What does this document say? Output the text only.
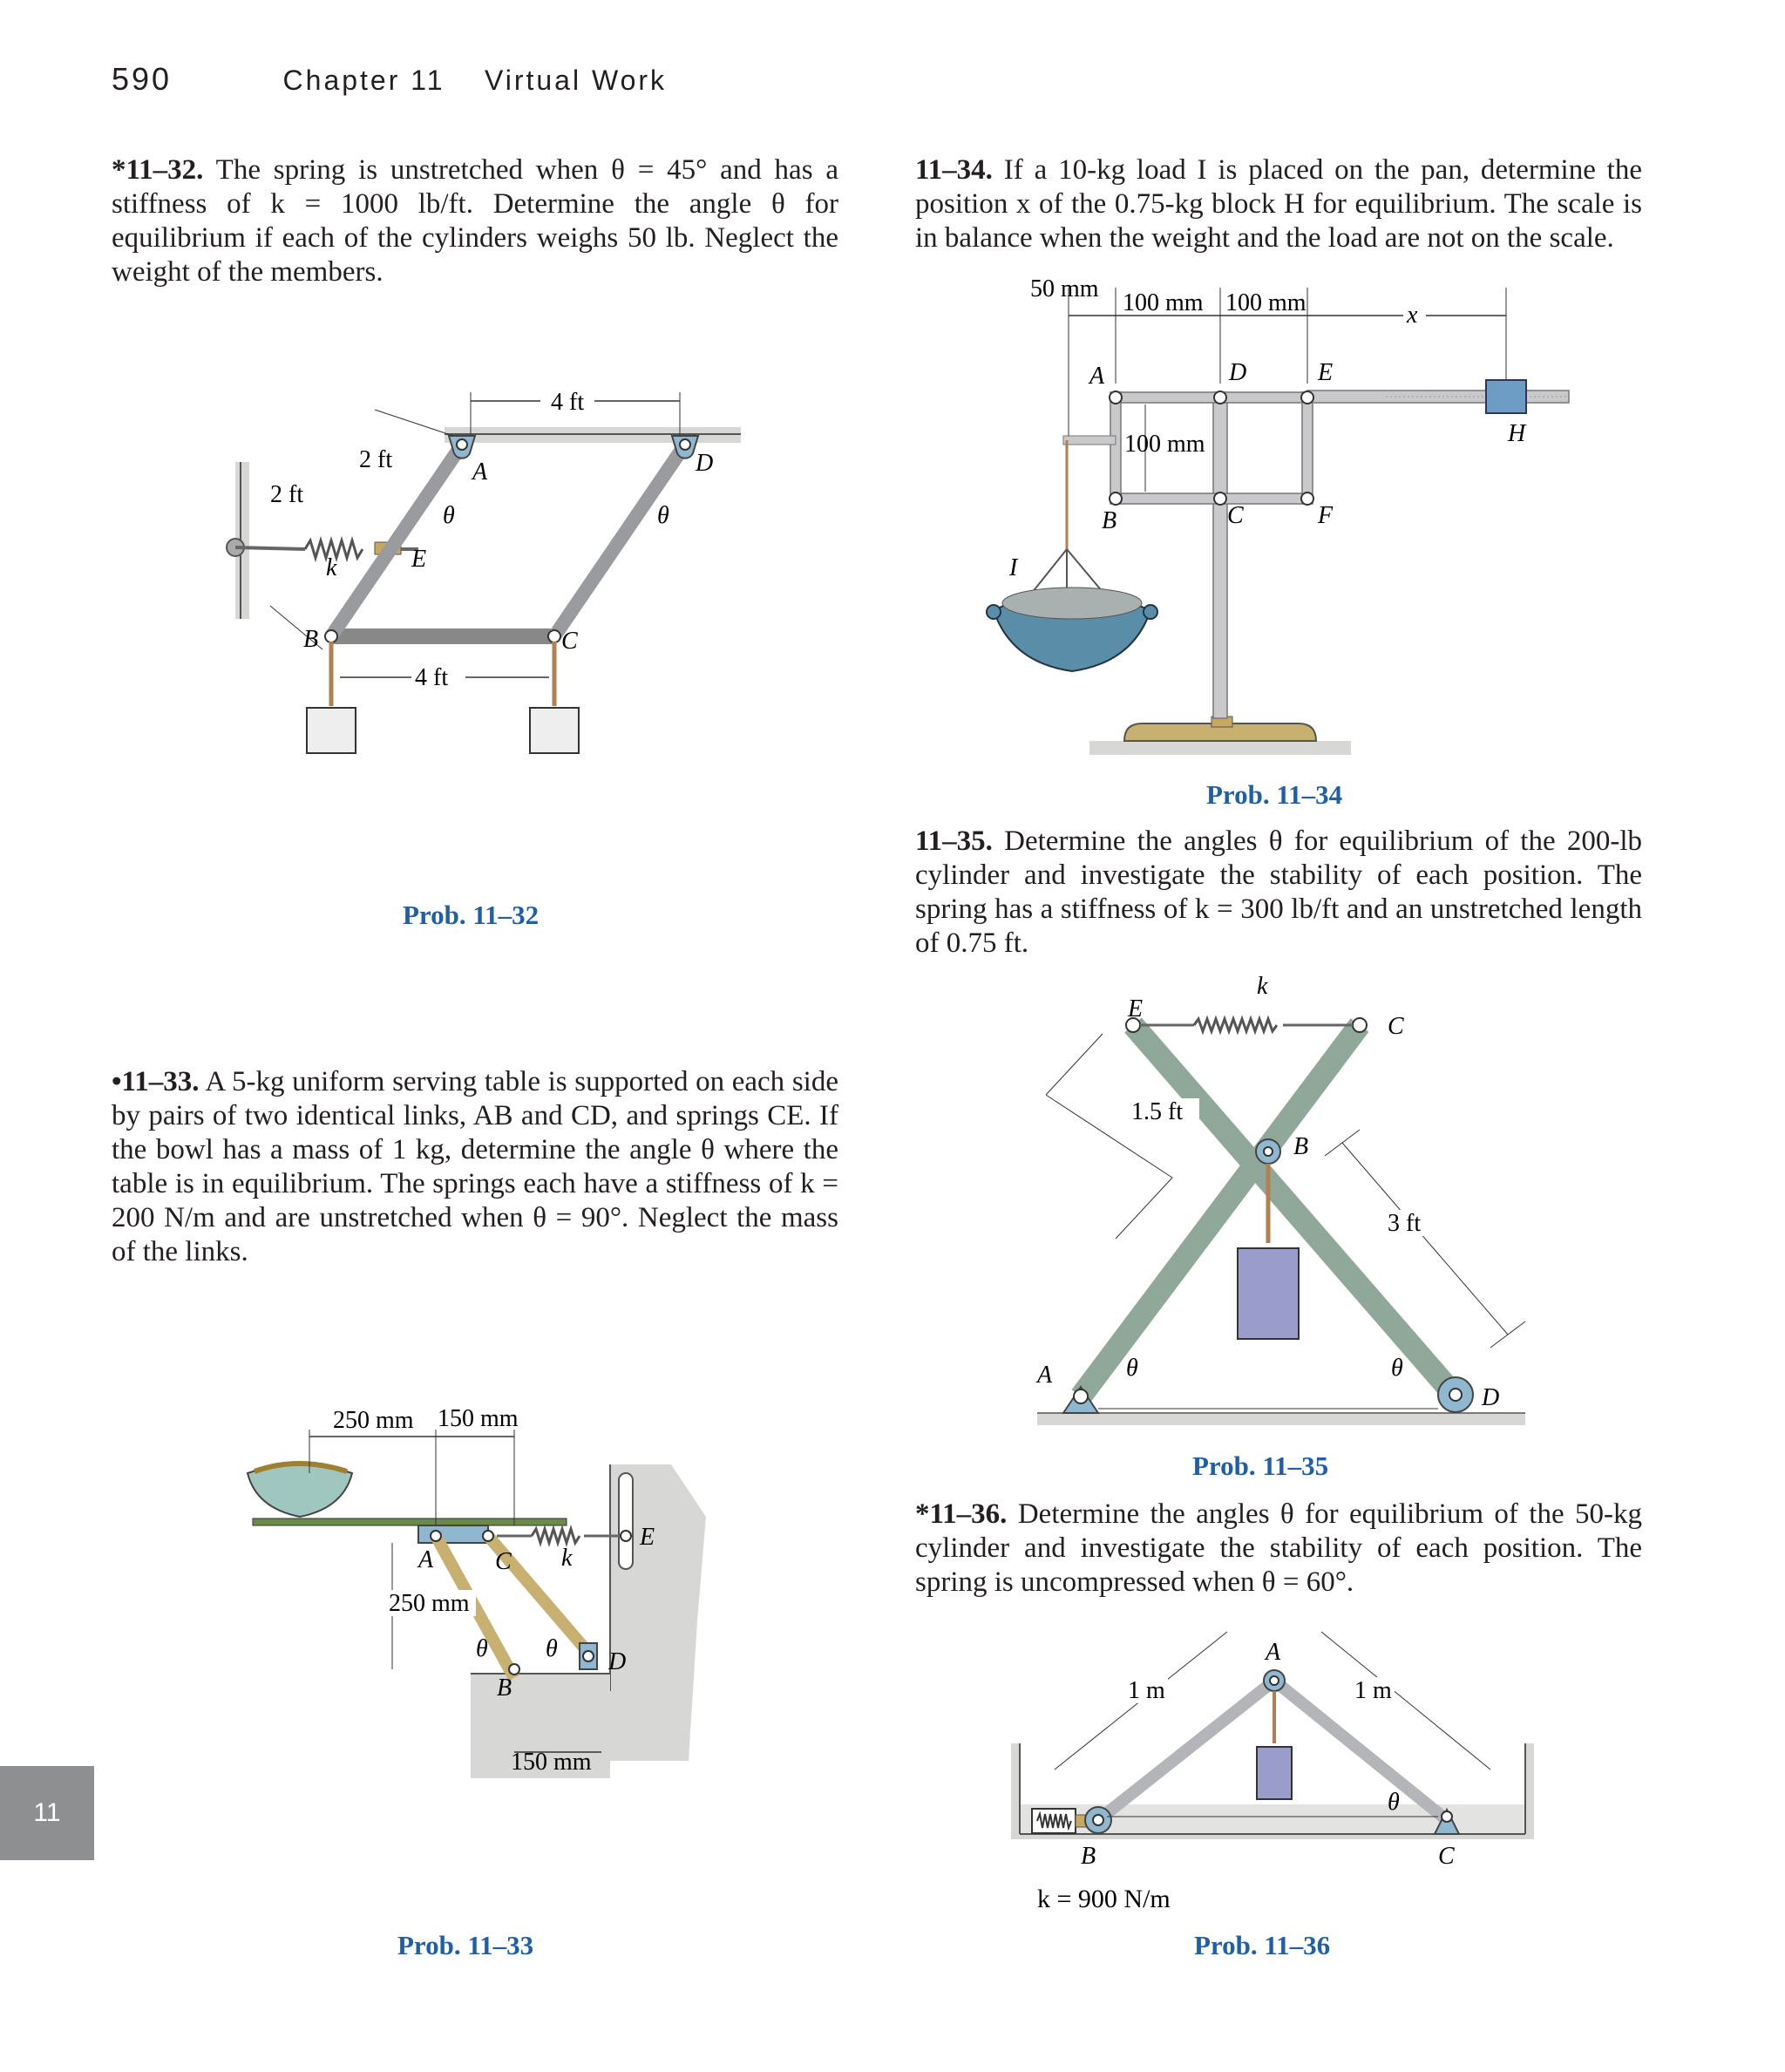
590	Chapter 11 Virtual Work
*11–32. The spring is unstretched when θ = 45° and has a stiffness of k = 1000 lb/ft. Determine the angle θ for equilibrium if each of the cylinders weighs 50 lb. Neglect the weight of the members.
4 ft
4 ft
2 ft
2 ft
A
B	C
D
E
k
θ	θ
Prob. 11–32
•11–33. A 5-kg uniform serving table is supported on each side by pairs of two identical links, AB and CD, and springs CE. If the bowl has a mass of 1 kg, determine the angle θ where the table is in equilibrium. The springs each have a stiffness of k = 200 N/m and are unstretched when θ = 90°. Neglect the mass of the links.
250 mm 150 mm
250 mm
150 mm
A
B
C
D
E
k
θ θ
Prob. 11–33
11–34. If a 10-kg load I is placed on the pan, determine the position x of the 0.75-kg block H for equilibrium. The scale is in balance when the weight and the load are not on the scale.
50 mm
100 mm 100 mm
100 mm
x
A
B	C
D	E
F
H
I
Prob. 11–34
11–35. Determine the angles θ for equilibrium of the 200-lb cylinder and investigate the stability of each position. The spring has a stiffness of k = 300 lb/ft and an unstretched length of 0.75 ft.
k
E
C
B
A
D
1.5 ft
3 ft
θ	θ
Prob. 11–35
*11–36. Determine the angles θ for equilibrium of the 50-kg cylinder and investigate the stability of each position. The spring is uncompressed when θ = 60°.
1 m	1 m
A
B	C
θ
k = 900 N/m
Prob. 11–36
11
